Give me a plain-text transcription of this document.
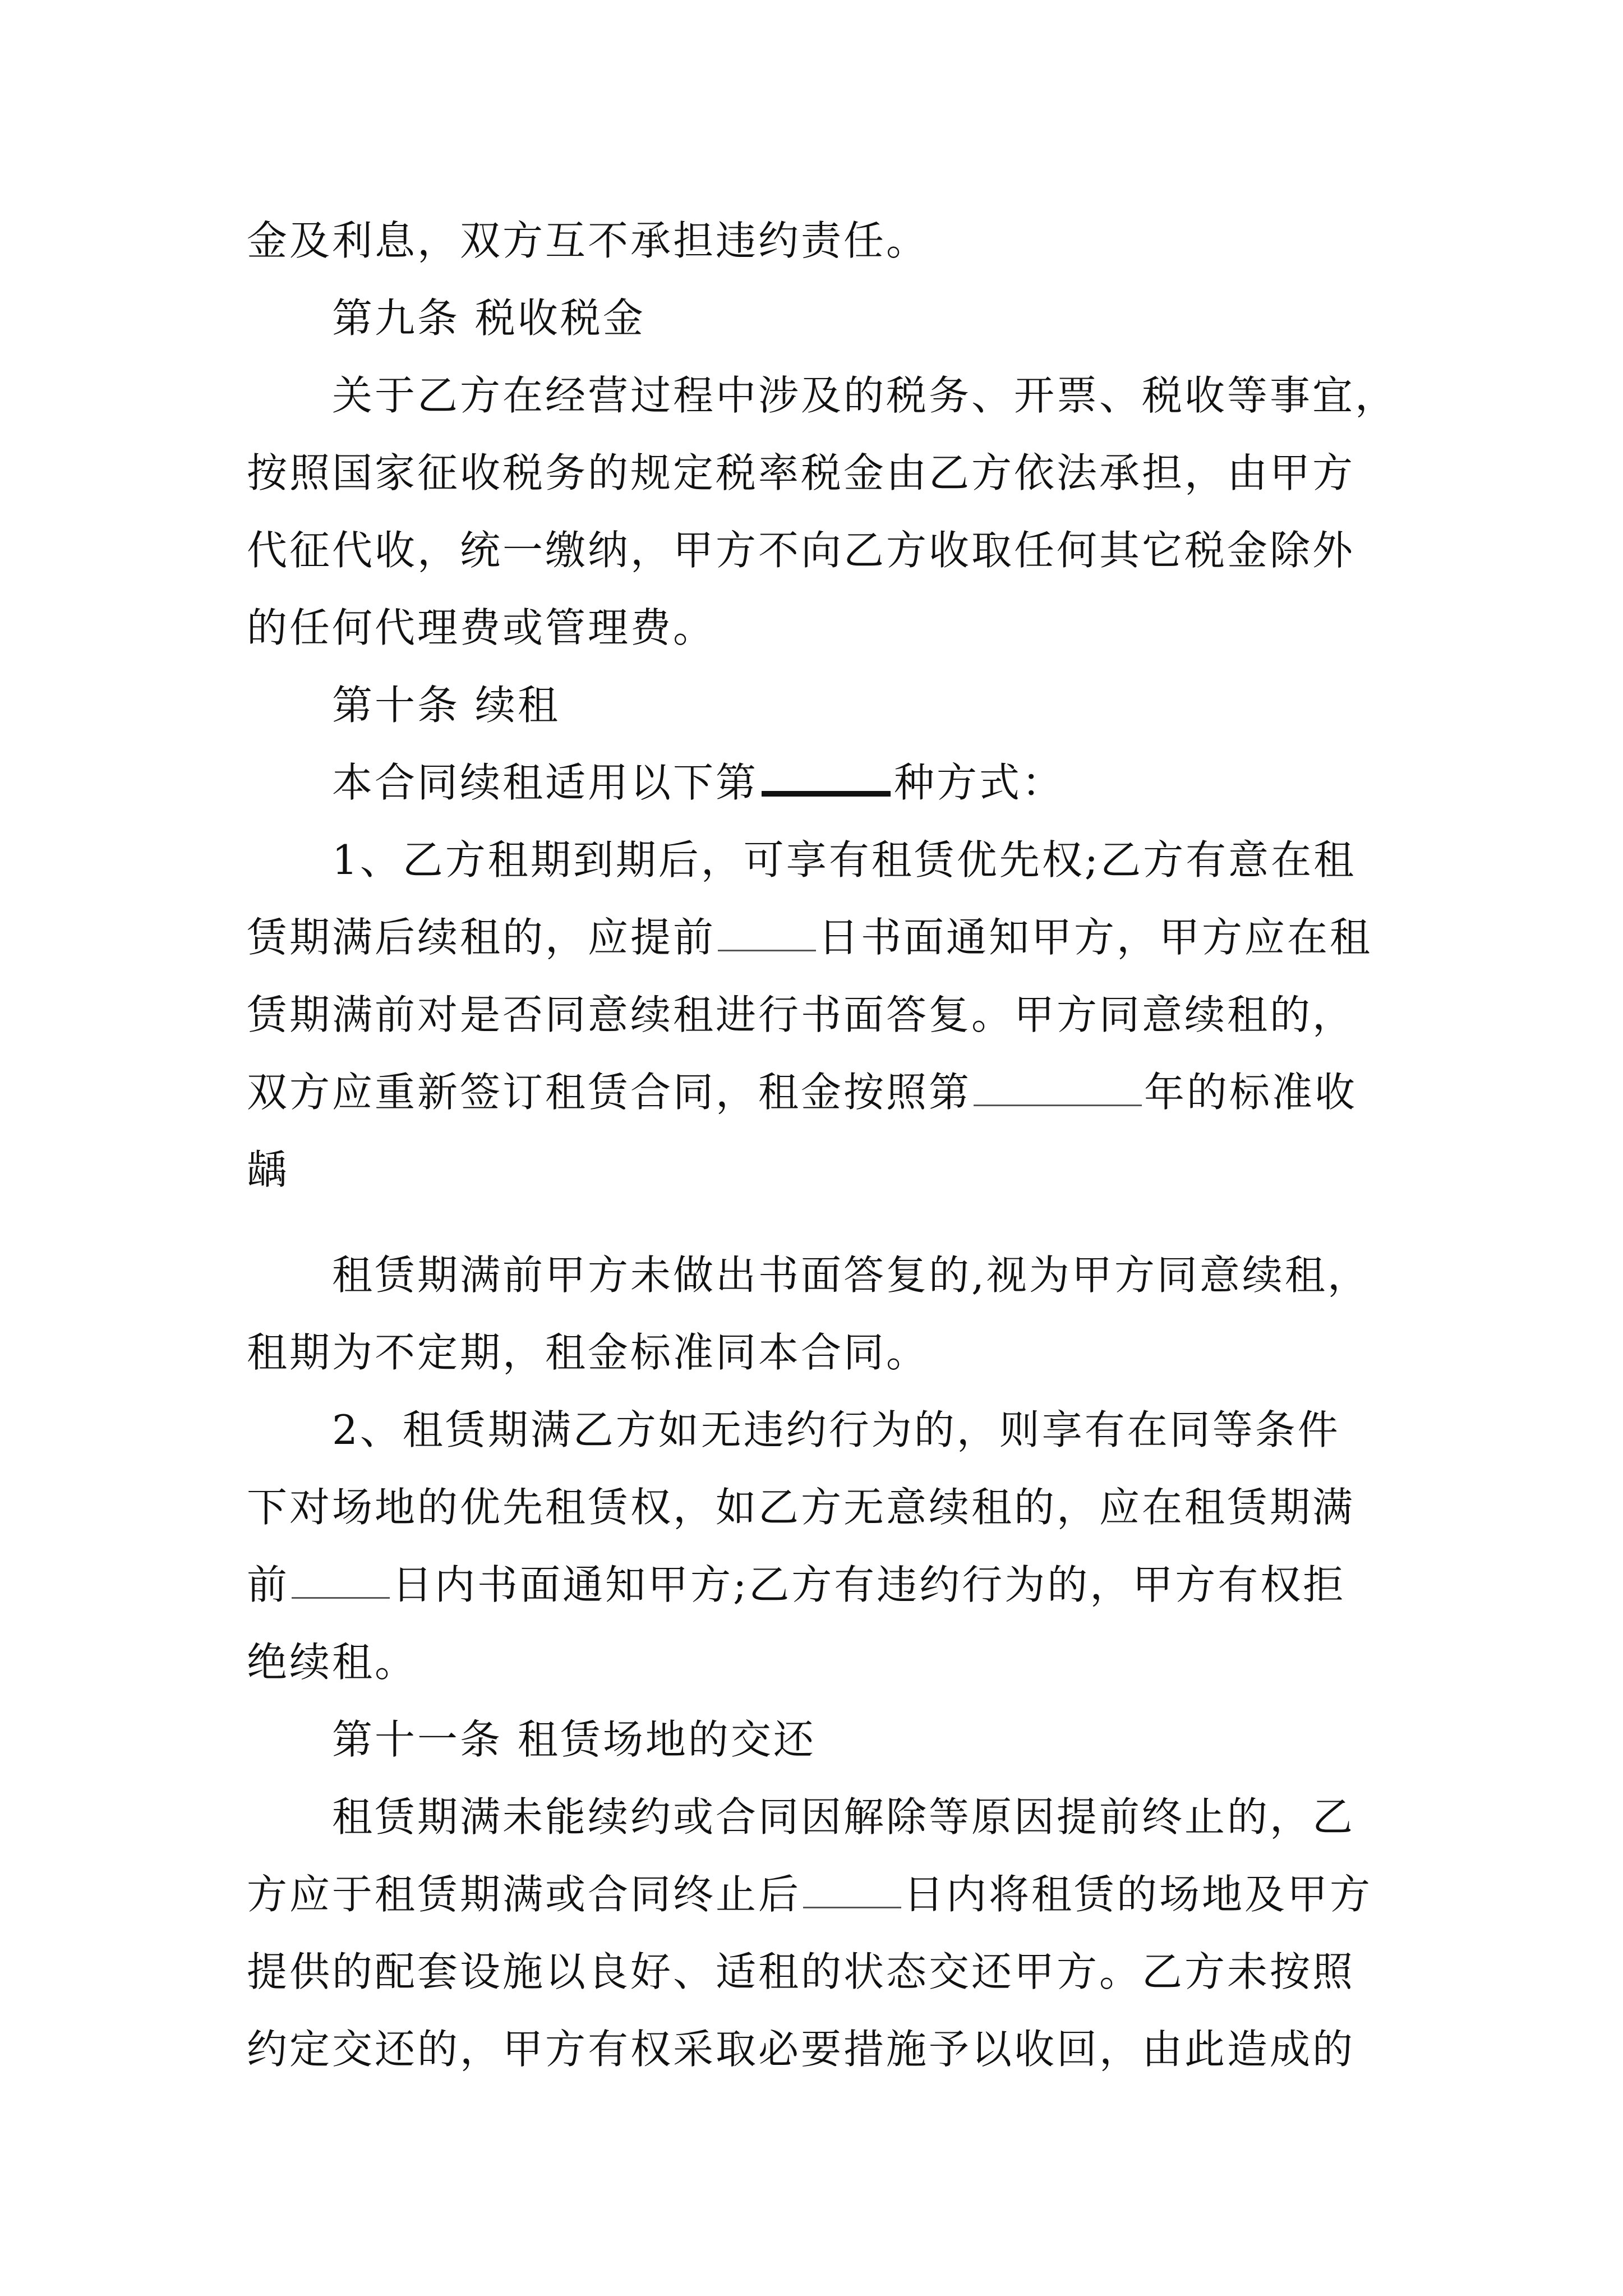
金及利息，双方互不承担违约责任。
第九条 税收税金
关于乙方在经营过程中涉及的税务、开票、税收等事宜，
按照国家征收税务的规定税率税金由乙方依法承担，由甲方
代征代收，统一缴纳，甲方不向乙方收取任何其它税金除外
的任何代理费或管理费。
第十条 续租
本合同续租适用以下第	种方式：
1、乙方租期到期后，可享有租赁优先权;乙方有意在租
赁期满后续租的，应提前	日书面通知甲方，甲方应在租
赁期满前对是否同意续租进行书面答复。甲方同意续租的，
双方应重新签订租赁合同，租金按照第	年的标准收
龋
租赁期满前甲方未做出书面答复的,视为甲方同意续租，
租期为不定期，租金标准同本合同。
2、租赁期满乙方如无违约行为的，则享有在同等条件
下对场地的优先租赁权，如乙方无意续租的，应在租赁期满
前	日内书面通知甲方;乙方有违约行为的，甲方有权拒
绝续租。
第十一条 租赁场地的交还
租赁期满未能续约或合同因解除等原因提前终止的，乙
方应于租赁期满或合同终止后	日内将租赁的场地及甲方
提供的配套设施以良好、适租的状态交还甲方。乙方未按照
约定交还的，甲方有权采取必要措施予以收回，由此造成的
